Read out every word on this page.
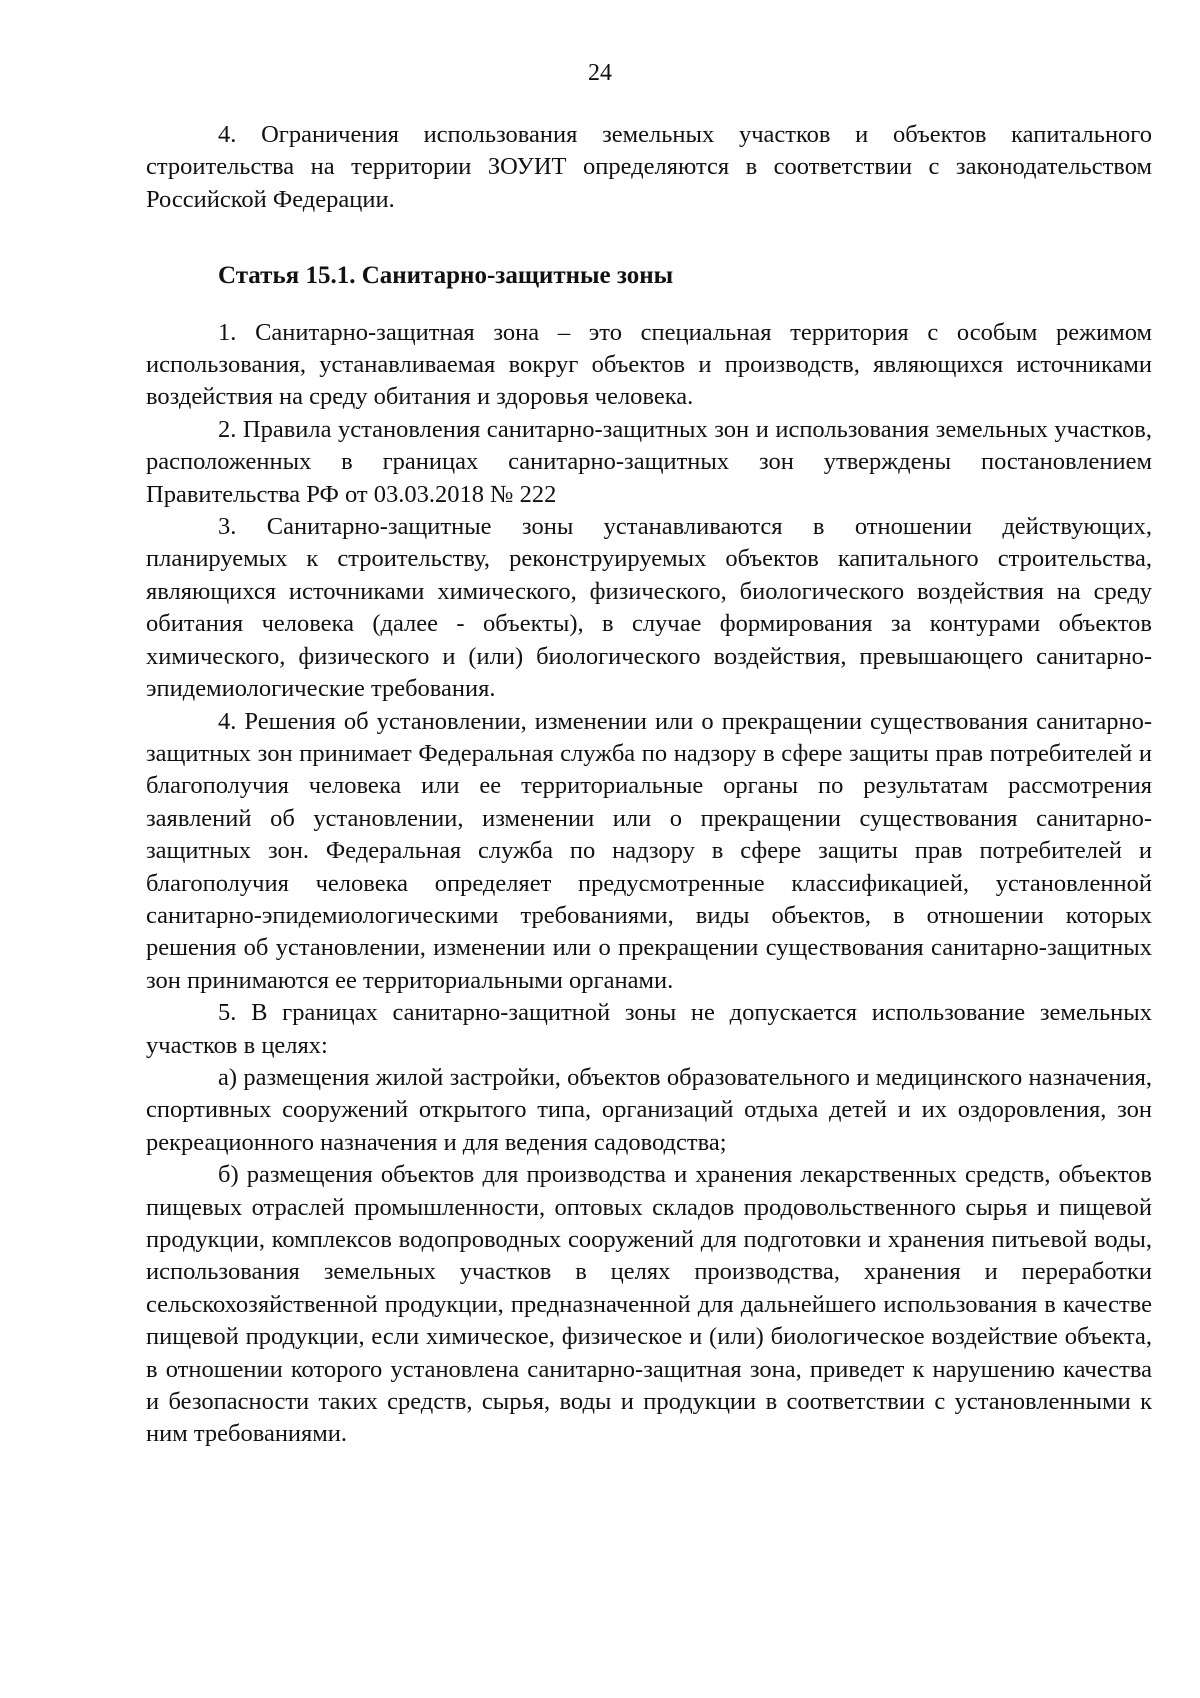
24

4. Ограничения использования земельных участков и объектов капитального строительства на территории ЗОУИТ определяются в соответствии с законодательством Российской Федерации.

Статья 15.1. Санитарно-защитные зоны

1. Санитарно-защитная зона – это специальная территория с особым режимом использования, устанавливаемая вокруг объектов и производств, являющихся источниками воздействия на среду обитания и здоровья человека.

2. Правила установления санитарно-защитных зон и использования земельных участков, расположенных в границах санитарно-защитных зон утверждены постановлением Правительства РФ от 03.03.2018 № 222

3. Санитарно-защитные зоны устанавливаются в отношении действующих, планируемых к строительству, реконструируемых объектов капитального строительства, являющихся источниками химического, физического, биологического воздействия на среду обитания человека (далее - объекты), в случае формирования за контурами объектов химического, физического и (или) биологического воздействия, превышающего санитарно-эпидемиологические требования.

4. Решения об установлении, изменении или о прекращении существования санитарно-защитных зон принимает Федеральная служба по надзору в сфере защиты прав потребителей и благополучия человека или ее территориальные органы по результатам рассмотрения заявлений об установлении, изменении или о прекращении существования санитарно-защитных зон. Федеральная служба по надзору в сфере защиты прав потребителей и благополучия человека определяет предусмотренные классификацией, установленной санитарно-эпидемиологическими требованиями, виды объектов, в отношении которых решения об установлении, изменении или о прекращении существования санитарно-защитных зон принимаются ее территориальными органами.

5. В границах санитарно-защитной зоны не допускается использование земельных участков в целях:

а) размещения жилой застройки, объектов образовательного и медицинского назначения, спортивных сооружений открытого типа, организаций отдыха детей и их оздоровления, зон рекреационного назначения и для ведения садоводства;

б) размещения объектов для производства и хранения лекарственных средств, объектов пищевых отраслей промышленности, оптовых складов продовольственного сырья и пищевой продукции, комплексов водопроводных сооружений для подготовки и хранения питьевой воды, использования земельных участков в целях производства, хранения и переработки сельскохозяйственной продукции, предназначенной для дальнейшего использования в качестве пищевой продукции, если химическое, физическое и (или) биологическое воздействие объекта, в отношении которого установлена санитарно-защитная зона, приведет к нарушению качества и безопасности таких средств, сырья, воды и продукции в соответствии с установленными к ним требованиями.
